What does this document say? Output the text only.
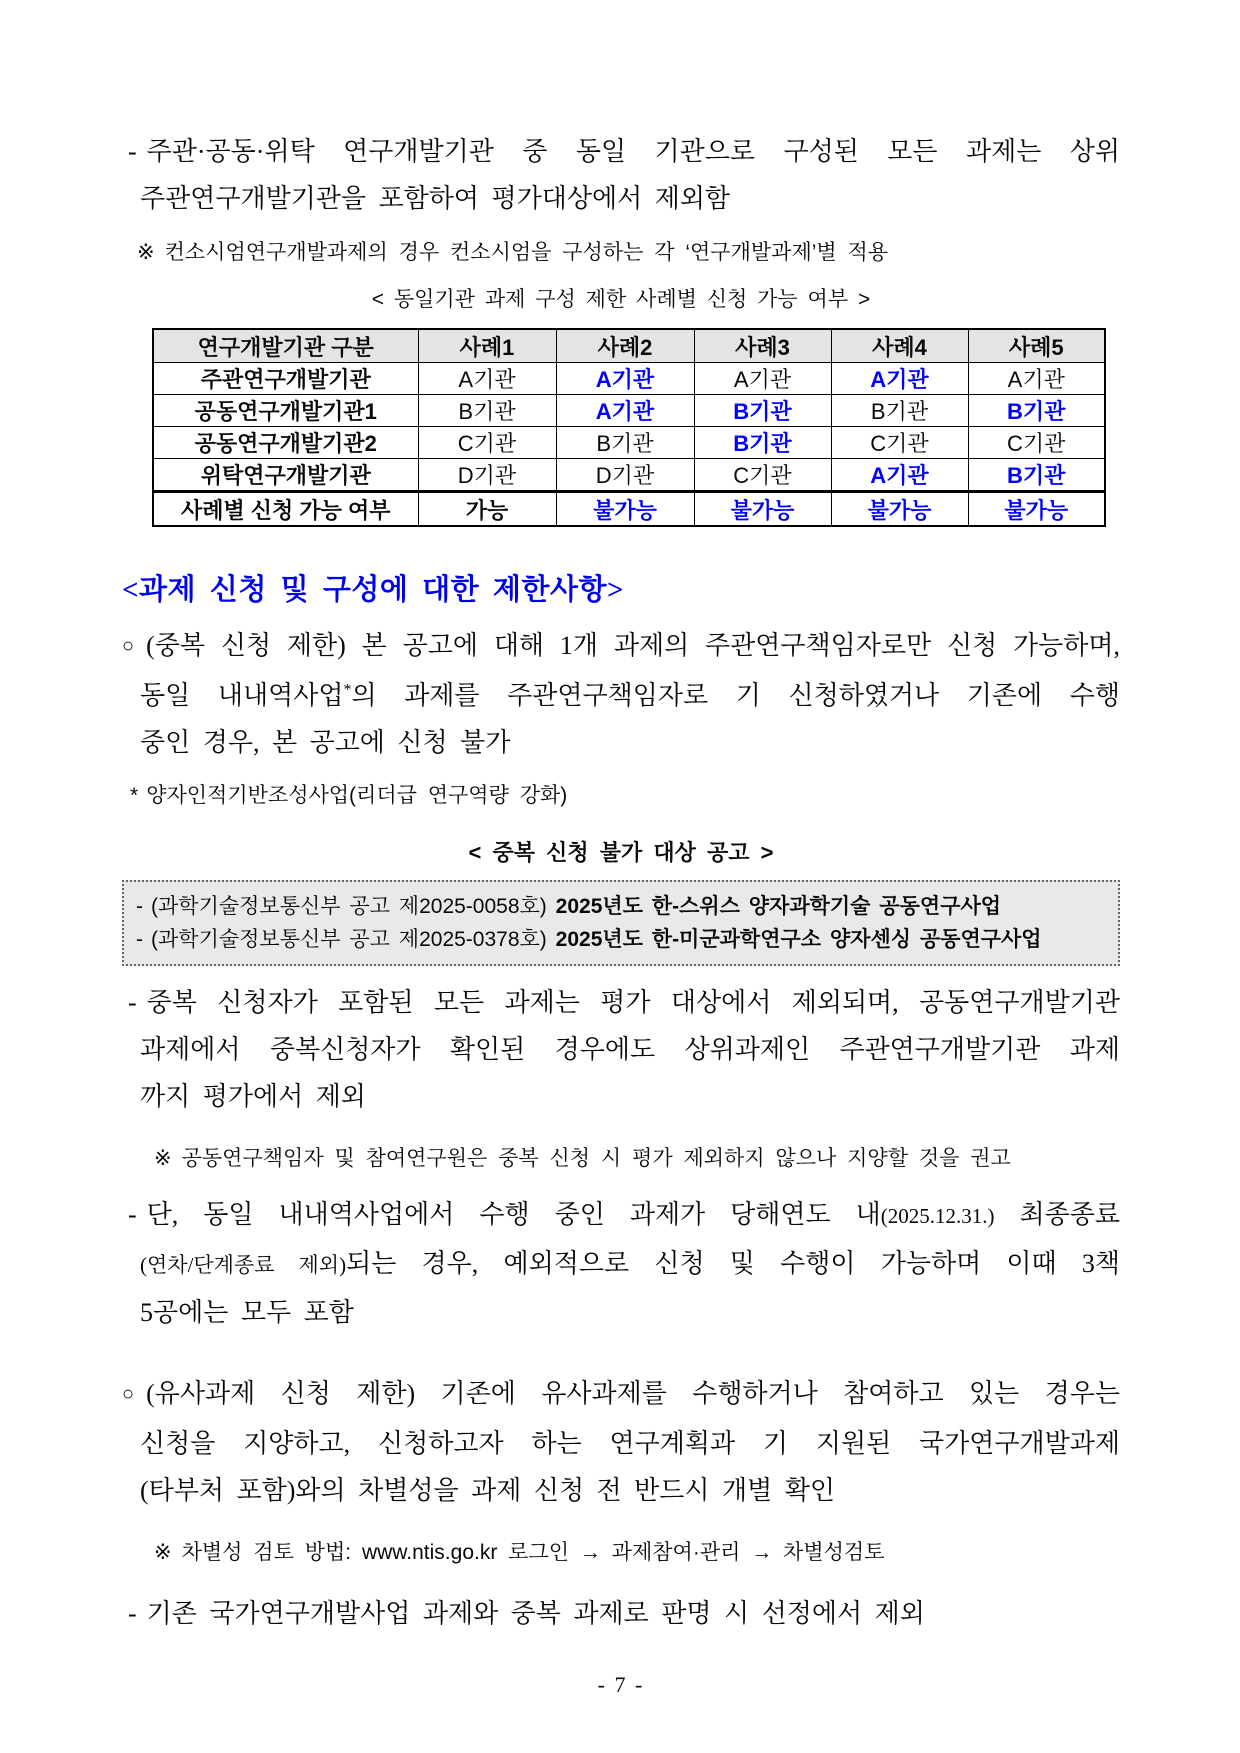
- 주관·공동·위탁 연구개발기관 중 동일 기관으로 구성된 모든 과제는 상위
주관연구개발기관을 포함하여 평가대상에서 제외함
※ 컨소시엄연구개발과제의 경우 컨소시엄을 구성하는 각 ‘연구개발과제’별 적용
< 동일기관 과제 구성 제한 사례별 신청 가능 여부 >
연구개발기관 구분	사례1	사례2	사례3	사례4	사례5
주관연구개발기관	A기관	A기관	A기관	A기관	A기관
공동연구개발기관1	B기관	A기관	B기관	B기관	B기관
공동연구개발기관2	C기관	B기관	B기관	C기관	C기관
위탁연구개발기관	D기관	D기관	C기관	A기관	B기관
사례별 신청 가능 여부	가능	불가능	불가능	불가능	불가능
<과제 신청 및 구성에 대한 제한사항>
○ (중복 신청 제한) 본 공고에 대해 1개 과제의 주관연구책임자로만 신청 가능하며,
동일 내내역사업*의 과제를 주관연구책임자로 기 신청하였거나 기존에 수행
중인 경우, 본 공고에 신청 불가
* 양자인적기반조성사업(리더급 연구역량 강화)
< 중복 신청 불가 대상 공고 >
- (과학기술정보통신부 공고 제2025-0058호) 2025년도 한-스위스 양자과학기술 공동연구사업
- (과학기술정보통신부 공고 제2025-0378호) 2025년도 한-미군과학연구소 양자센싱 공동연구사업
- 중복 신청자가 포함된 모든 과제는 평가 대상에서 제외되며, 공동연구개발기관
과제에서 중복신청자가 확인된 경우에도 상위과제인 주관연구개발기관 과제
까지 평가에서 제외
※ 공동연구책임자 및 참여연구원은 중복 신청 시 평가 제외하지 않으나 지양할 것을 권고
- 단, 동일 내내역사업에서 수행 중인 과제가 당해연도 내(2025.12.31.) 최종종료
(연차/단계종료 제외)되는 경우, 예외적으로 신청 및 수행이 가능하며 이때 3책
5공에는 모두 포함
○ (유사과제 신청 제한) 기존에 유사과제를 수행하거나 참여하고 있는 경우는
신청을 지양하고, 신청하고자 하는 연구계획과 기 지원된 국가연구개발과제
(타부처 포함)와의 차별성을 과제 신청 전 반드시 개별 확인
※ 차별성 검토 방법: www.ntis.go.kr 로그인 → 과제참여·관리 → 차별성검토
- 기존 국가연구개발사업 과제와 중복 과제로 판명 시 선정에서 제외
- 7 -
